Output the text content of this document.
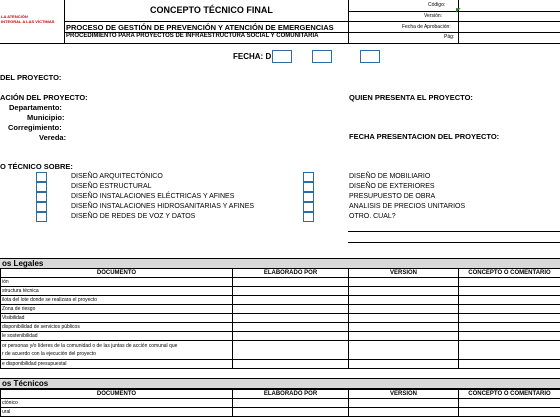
LA ATENCIÓN
INTEGRAL A LAS VÍCTIMAS
CONCEPTO TÉCNICO FINAL
PROCESO DE GESTIÓN DE PREVENCIÓN Y ATENCIÓN DE EMERGENCIAS
PROCEDIMIENTO PARA PROYECTOS DE INFRAESTRUCTURA SOCIAL Y COMUNITARIA
Código:
◤
Versión:
Fecha de Aprobación:
Pág:
FECHA: D
DEL PROYECTO:
ACIÓN DEL PROYECTO:
Departamento:
Municipio:
Corregimiento:
Vereda:
QUIEN PRESENTA EL PROYECTO:
FECHA PRESENTACION DEL PROYECTO:
O TÉCNICO SOBRE:
DISEÑO ARQUITECTÓNICO
DISEÑO ESTRUCTURAL
DISEÑO INSTALACIONES ELÉCTRICAS Y AFINES
DISEÑO INSTALACIONES HIDROSANITARIAS Y AFINES
DISEÑO DE REDES DE VOZ Y DATOS
DISEÑO DE MOBILIARIO
DISEÑO DE EXTERIORES
PRESUPUESTO DE OBRA
ANALISIS DE PRECIOS UNITARIOS
OTRO. CUAL?
os Legales
DOCUMENTO	ELABORADO POR	VERSION	CONCEPTO O COMENTARIO
ión			
structura técnica			
ilota del lote donde se realizara el proyecto			
Zona de riesgo			
Visibilidad			
disponibilidad de servicios públicos			
le sostenibilidad			

or personas y/o líderes de la comunidad o de las juntas de acción comunal que
r de acuerdo con la ejecución del proyecto			

e disponibilidad presupuestal			
os Técnicos
DOCUMENTO	ELABORADO POR	VERSION	CONCEPTO O COMENTARIO
ctónico			
ural			
